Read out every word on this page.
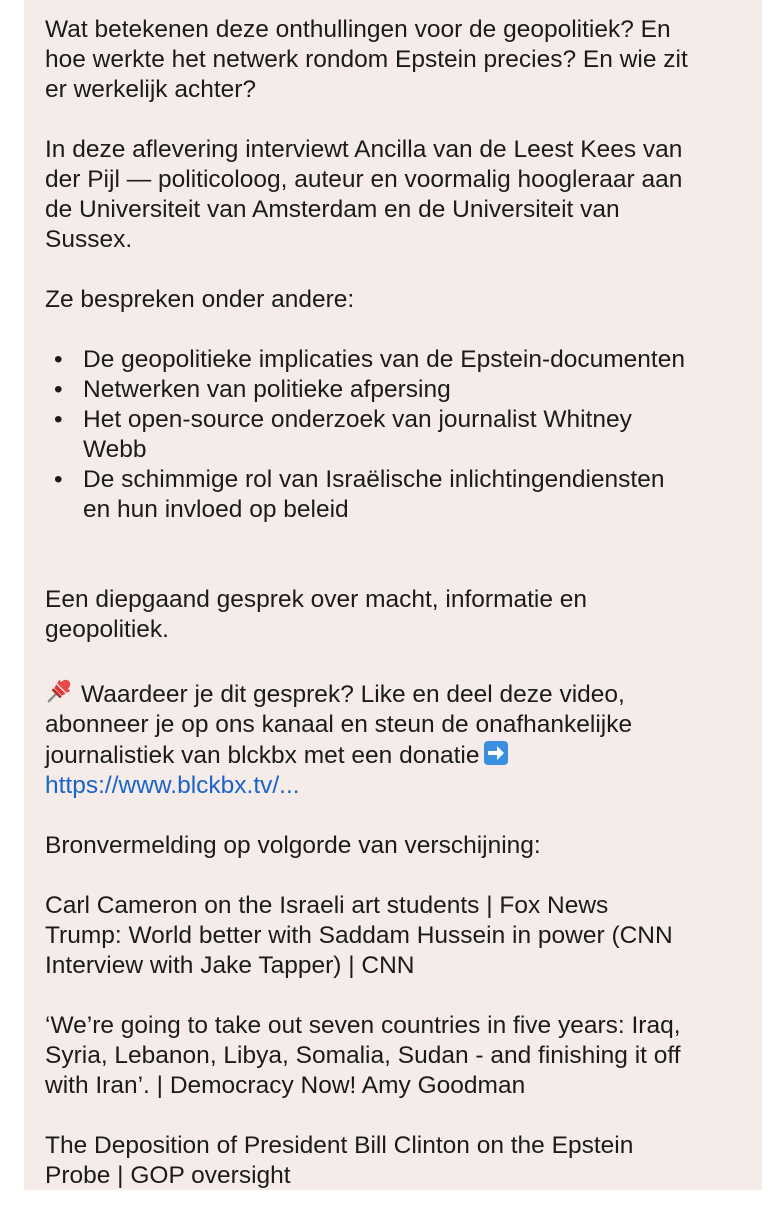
Wat betekenen deze onthullingen voor de geopolitiek? En
hoe werkte het netwerk rondom Epstein precies? En wie zit
er werkelijk achter?

In deze aflevering interviewt Ancilla van de Leest Kees van
der Pijl — politicoloog, auteur en voormalig hoogleraar aan
de Universiteit van Amsterdam en de Universiteit van
Sussex.

Ze bespreken onder andere:

• De geopolitieke implicaties van de Epstein-documenten
• Netwerken van politieke afpersing
• Het open-source onderzoek van journalist Whitney
Webb
• De schimmige rol van Israëlische inlichtingendiensten
en hun invloed op beleid

Een diepgaand gesprek over macht, informatie en
geopolitiek.

Waardeer je dit gesprek? Like en deel deze video,
abonneer je op ons kanaal en steun de onafhankelijke
journalistiek van blckbx met een donatie
https://www.blckbx.tv/...

Bronvermelding op volgorde van verschijning:

Carl Cameron on the Israeli art students | Fox News
Trump: World better with Saddam Hussein in power (CNN
Interview with Jake Tapper) | CNN

‘We’re going to take out seven countries in five years: Iraq,
Syria, Lebanon, Libya, Somalia, Sudan - and finishing it off
with Iran’. | Democracy Now! Amy Goodman

The Deposition of President Bill Clinton on the Epstein
Probe | GOP oversight
